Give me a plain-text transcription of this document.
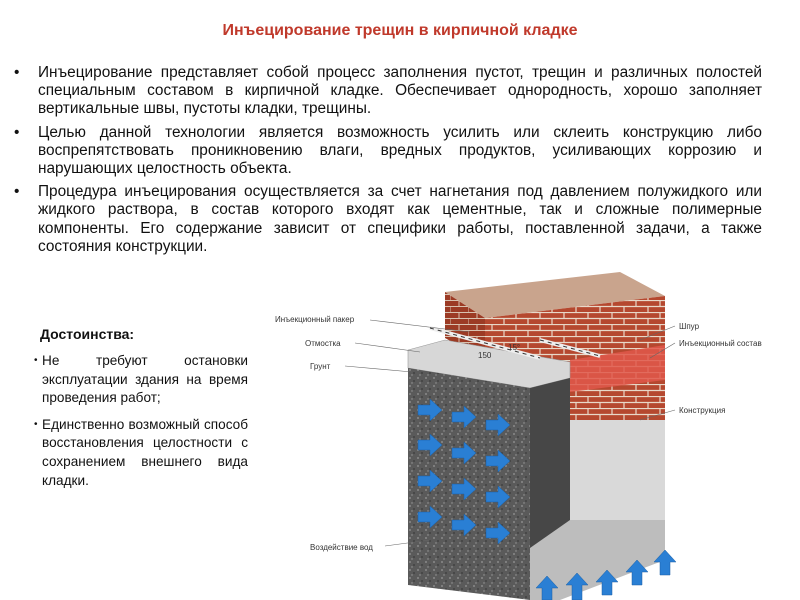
Инъецирование трещин в кирпичной кладке
• Инъецирование представляет собой процесс заполнения пустот, трещин и различных полостей специальным составом в кирпичной кладке. Обеспечивает однородность, хорошо заполняет вертикальные швы, пустоты кладки, трещины.
• Целью данной технологии является возможность усилить или склеить конструкцию либо воспрепятствовать проникновению влаги, вредных продуктов, усиливающих коррозию и нарушающих целостность объекта.
• Процедура инъецирования осуществляется за счет нагнетания под давлением полужидкого или жидкого раствора, в состав которого входят как цементные, так и сложные полимерные компоненты. Его содержание зависит от специфики работы, поставленной задачи, а также состояния конструкции.
Достоинства:
• Не требуют остановки эксплуатации здания на время проведения работ;
• Единственно возможный способ восстановления целостности с сохранением внешнего вида кладки.
Инъекционный пакер
Отмостка
Грунт
Воздействие вод
Шпур
Инъекционный состав
Конструкция
150
15°
